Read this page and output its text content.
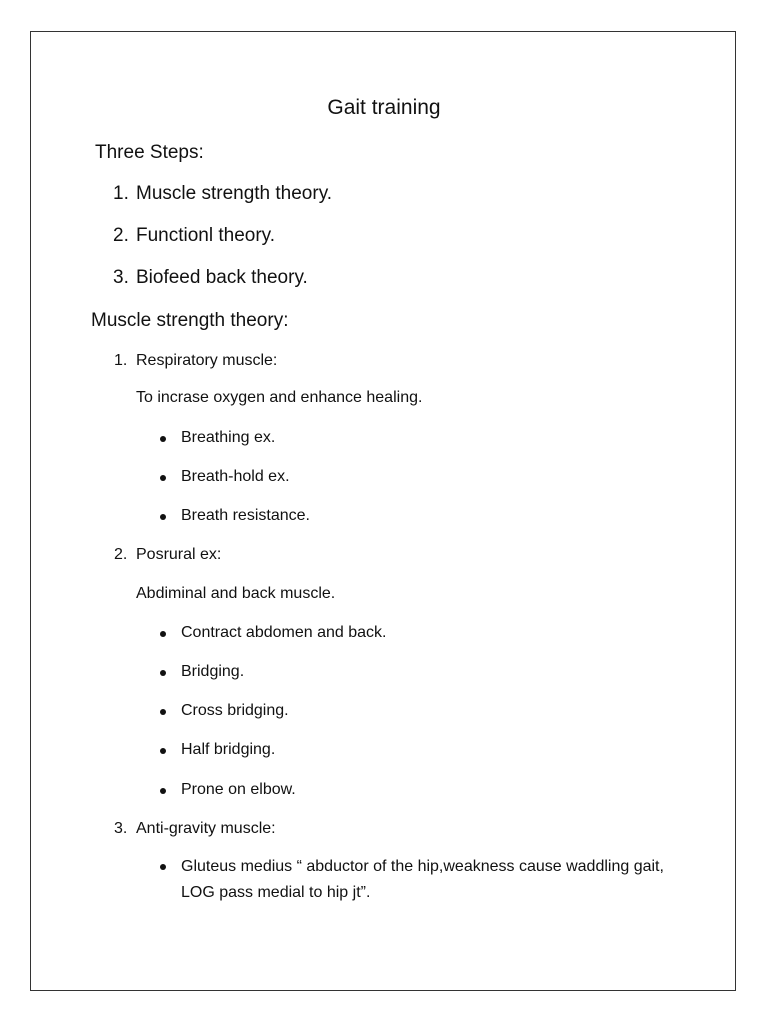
Gait training
Three Steps:
1. Muscle strength theory.
2. Functionl theory.
3. Biofeed back theory.
Muscle strength theory:
1. Respiratory muscle:
To incrase oxygen and enhance healing.
Breathing ex.
Breath-hold ex.
Breath resistance.
2. Posrural ex:
Abdiminal and back muscle.
Contract abdomen and back.
Bridging.
Cross bridging.
Half bridging.
Prone on elbow.
3. Anti-gravity muscle:
Gluteus medius “ abductor of the hip,weakness cause waddling gait, LOG pass medial to hip jt”.
